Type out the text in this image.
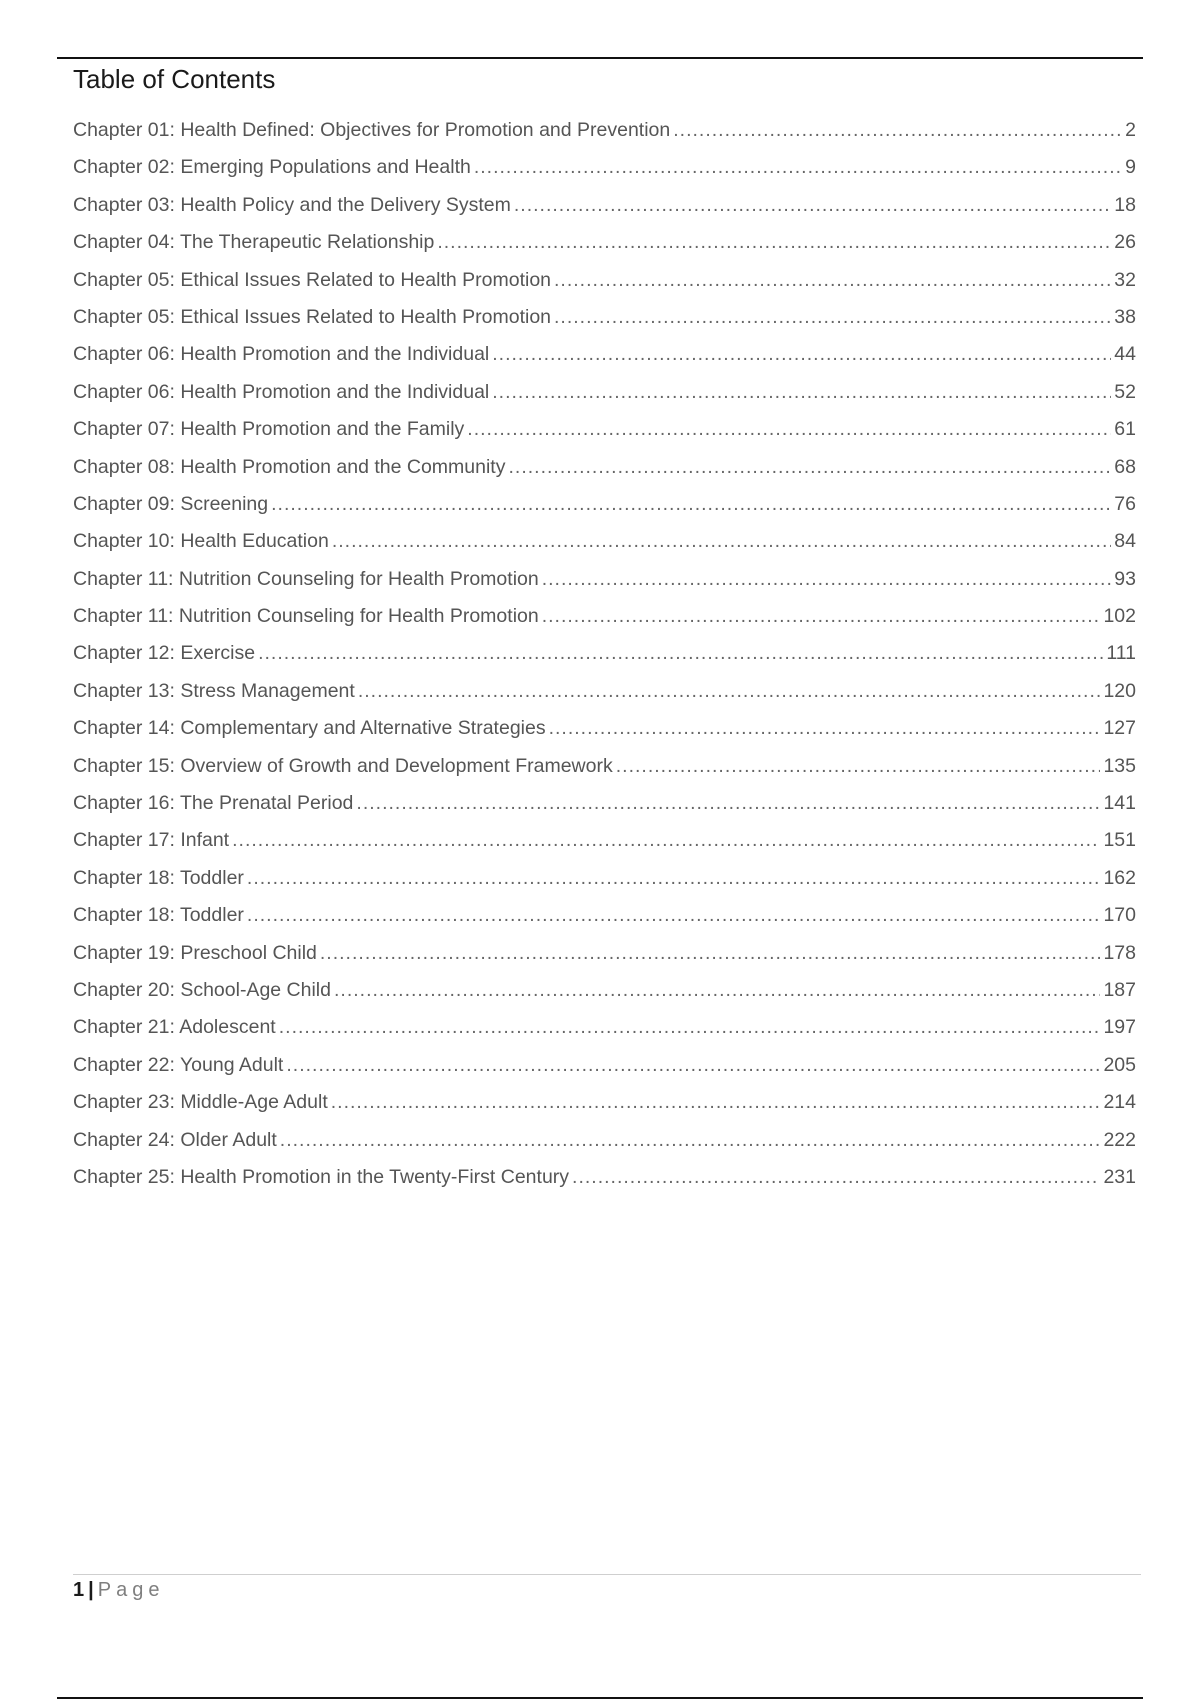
Table of Contents
Chapter 01: Health Defined: Objectives for Promotion and Prevention .....	2
Chapter 02: Emerging Populations and Health .....	9
Chapter 03: Health Policy and the Delivery System .....	18
Chapter 04: The Therapeutic Relationship .....	26
Chapter 05: Ethical Issues Related to Health Promotion .....	32
Chapter 05: Ethical Issues Related to Health Promotion .....	38
Chapter 06: Health Promotion and the Individual .....	44
Chapter 06: Health Promotion and the Individual .....	52
Chapter 07: Health Promotion and the Family .....	61
Chapter 08: Health Promotion and the Community .....	68
Chapter 09: Screening .....	76
Chapter 10: Health Education .....	84
Chapter 11: Nutrition Counseling for Health Promotion .....	93
Chapter 11: Nutrition Counseling for Health Promotion .....	102
Chapter 12: Exercise .....	111
Chapter 13: Stress Management .....	120
Chapter 14: Complementary and Alternative Strategies .....	127
Chapter 15: Overview of Growth and Development Framework .....	135
Chapter 16: The Prenatal Period .....	141
Chapter 17: Infant .....	151
Chapter 18: Toddler .....	162
Chapter 18: Toddler .....	170
Chapter 19: Preschool Child .....	178
Chapter 20: School-Age Child .....	187
Chapter 21: Adolescent .....	197
Chapter 22: Young Adult .....	205
Chapter 23: Middle-Age Adult .....	214
Chapter 24: Older Adult .....	222
Chapter 25: Health Promotion in the Twenty-First Century .....	231
1 | Page
